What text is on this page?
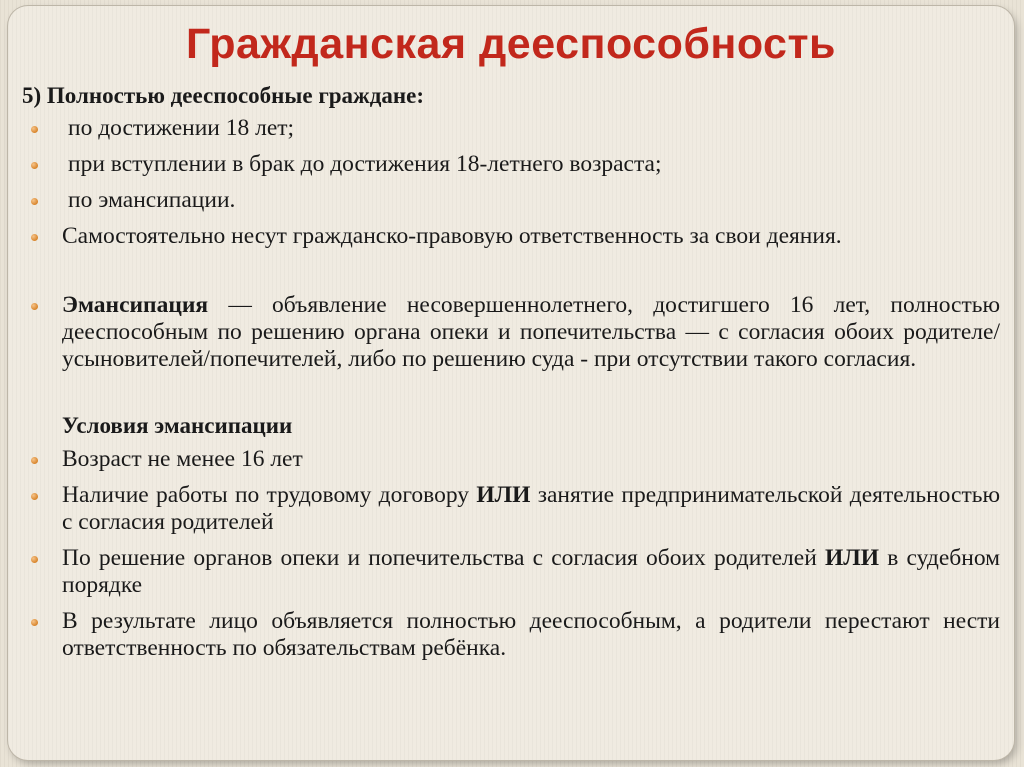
Гражданская дееспособность
5) Полностью дееспособные граждане:
по достижении 18 лет;
при вступлении в брак до достижения 18-летнего возраста;
по эмансипации.
Самостоятельно несут гражданско-правовую ответственность за свои деяния.
Эмансипация — объявление несовершеннолетнего, достигшего 16 лет, полностью дееспособным по решению органа опеки и попечительства — с согласия обоих родителе/усыновителей/попечителей, либо по решению суда - при отсутствии такого согласия.
Условия эмансипации
Возраст не менее 16 лет
Наличие работы по трудовому договору ИЛИ занятие предпринимательской деятельностью с согласия родителей
По решение органов опеки и попечительства с согласия обоих родителей ИЛИ в судебном порядке
В результате лицо объявляется полностью дееспособным, а родители перестают нести ответственность по обязательствам ребёнка.
